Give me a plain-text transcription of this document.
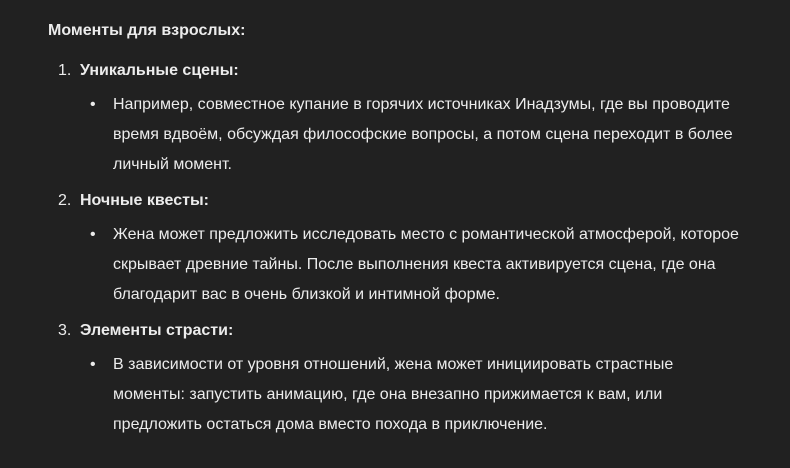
Моменты для взрослых:

1. Уникальные сцены:
•	Например, совместное купание в горячих источниках Инадзумы, где вы проводите время вдвоём, обсуждая философские вопросы, а потом сцена переходит в более личный момент.
2. Ночные квесты:
•	Жена может предложить исследовать место с романтической атмосферой, которое скрывает древние тайны. После выполнения квеста активируется сцена, где она благодарит вас в очень близкой и интимной форме.
3. Элементы страсти:
•	В зависимости от уровня отношений, жена может инициировать страстные моменты: запустить анимацию, где она внезапно прижимается к вам, или предложить остаться дома вместо похода в приключение.
